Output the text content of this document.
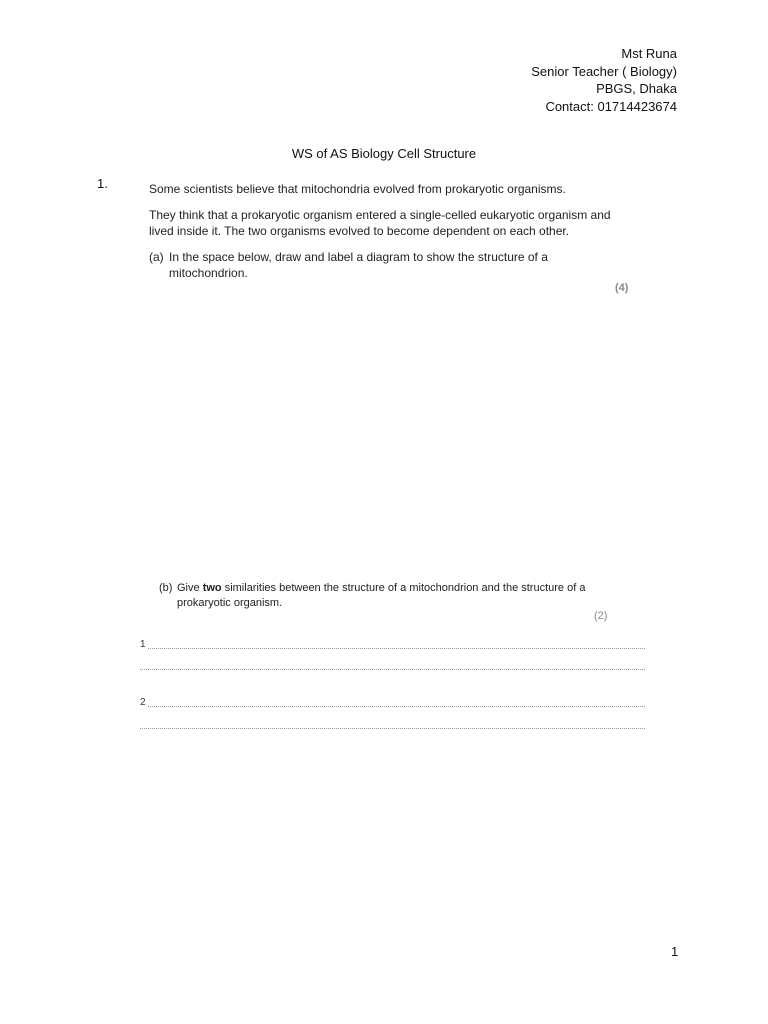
Mst Runa
Senior Teacher ( Biology)
PBGS, Dhaka
Contact: 01714423674
WS of AS Biology Cell Structure
1.	Some scientists believe that mitochondria evolved from prokaryotic organisms.
They think that a prokaryotic organism entered a single-celled eukaryotic organism and lived inside it. The two organisms evolved to become dependent on each other.
(a) In the space below, draw and label a diagram to show the structure of a mitochondrion.
(4)
(b) Give two similarities between the structure of a mitochondrion and the structure of a prokaryotic organism.
(2)
1
2
1
